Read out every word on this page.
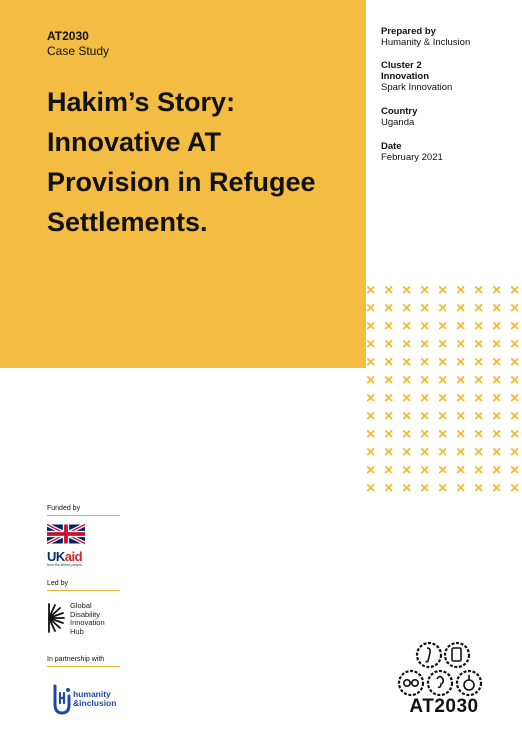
AT2030
Case Study
Hakim’s Story:
Innovative AT
Provision in Refugee
Settlements.
Prepared by
Humanity & Inclusion
Cluster 2 Innovation
Spark Innovation
Country
Uganda
Date
February 2021
× × × × × × × × ×
× × × × × × × × ×
× × × × × × × × ×
× × × × × × × × ×
× × × × × × × × ×
× × × × × × × × ×
× × × × × × × × ×
× × × × × × × × ×
× × × × × × × × ×
× × × × × × × × ×
× × × × × × × × ×
× × × × × × × × ×
Funded by
UKaid
from the British people
Led by
Global
Disability
Innovation
Hub
In partnership with
humanity
&inclusion	AT2030
